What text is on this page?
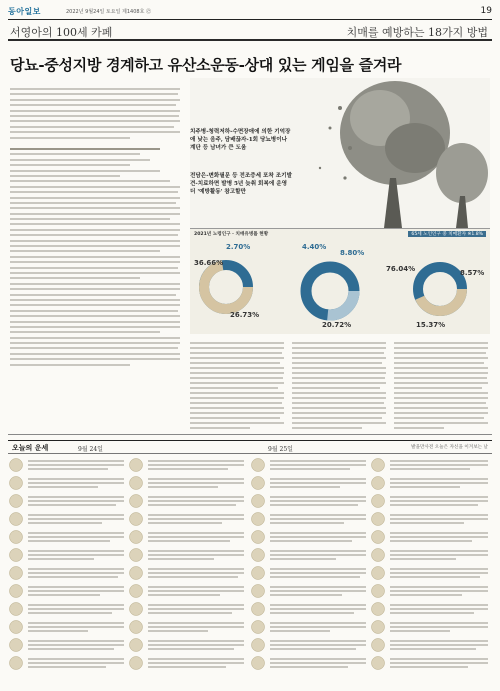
동아일보	2022년 9월24일 토요일 제1408호 ㉣	19
서영아의 100세 카페	치매를 예방하는 18가지 방법
당뇨-중성지방 경계하고 유산소운동-상대 있는 게임을 즐겨라
치주병-청력저하-수면장애에 의한 기억장애 낮는 음주, 담배끊자-1회 당뇨병이나 계단 등 남녀가 큰 도움
전담은-변화필문 등 전조증세 포착 조기발견-치료하면 발병 5년 늦춰 회복에 운영 더 '예방활동' 참고할만
2021년 노령인구 · 치매유병률 현황	65세 노인인구 중 치매환자 ※1.8%
2.70%	4.40%
8.80%
36.66%
76.04%
26.73%
20.72%	15.37%
8.57%
오늘의 운세	9월 24일	9월 25일	발을만사전 오늘은 자신을 이겨보는 날
